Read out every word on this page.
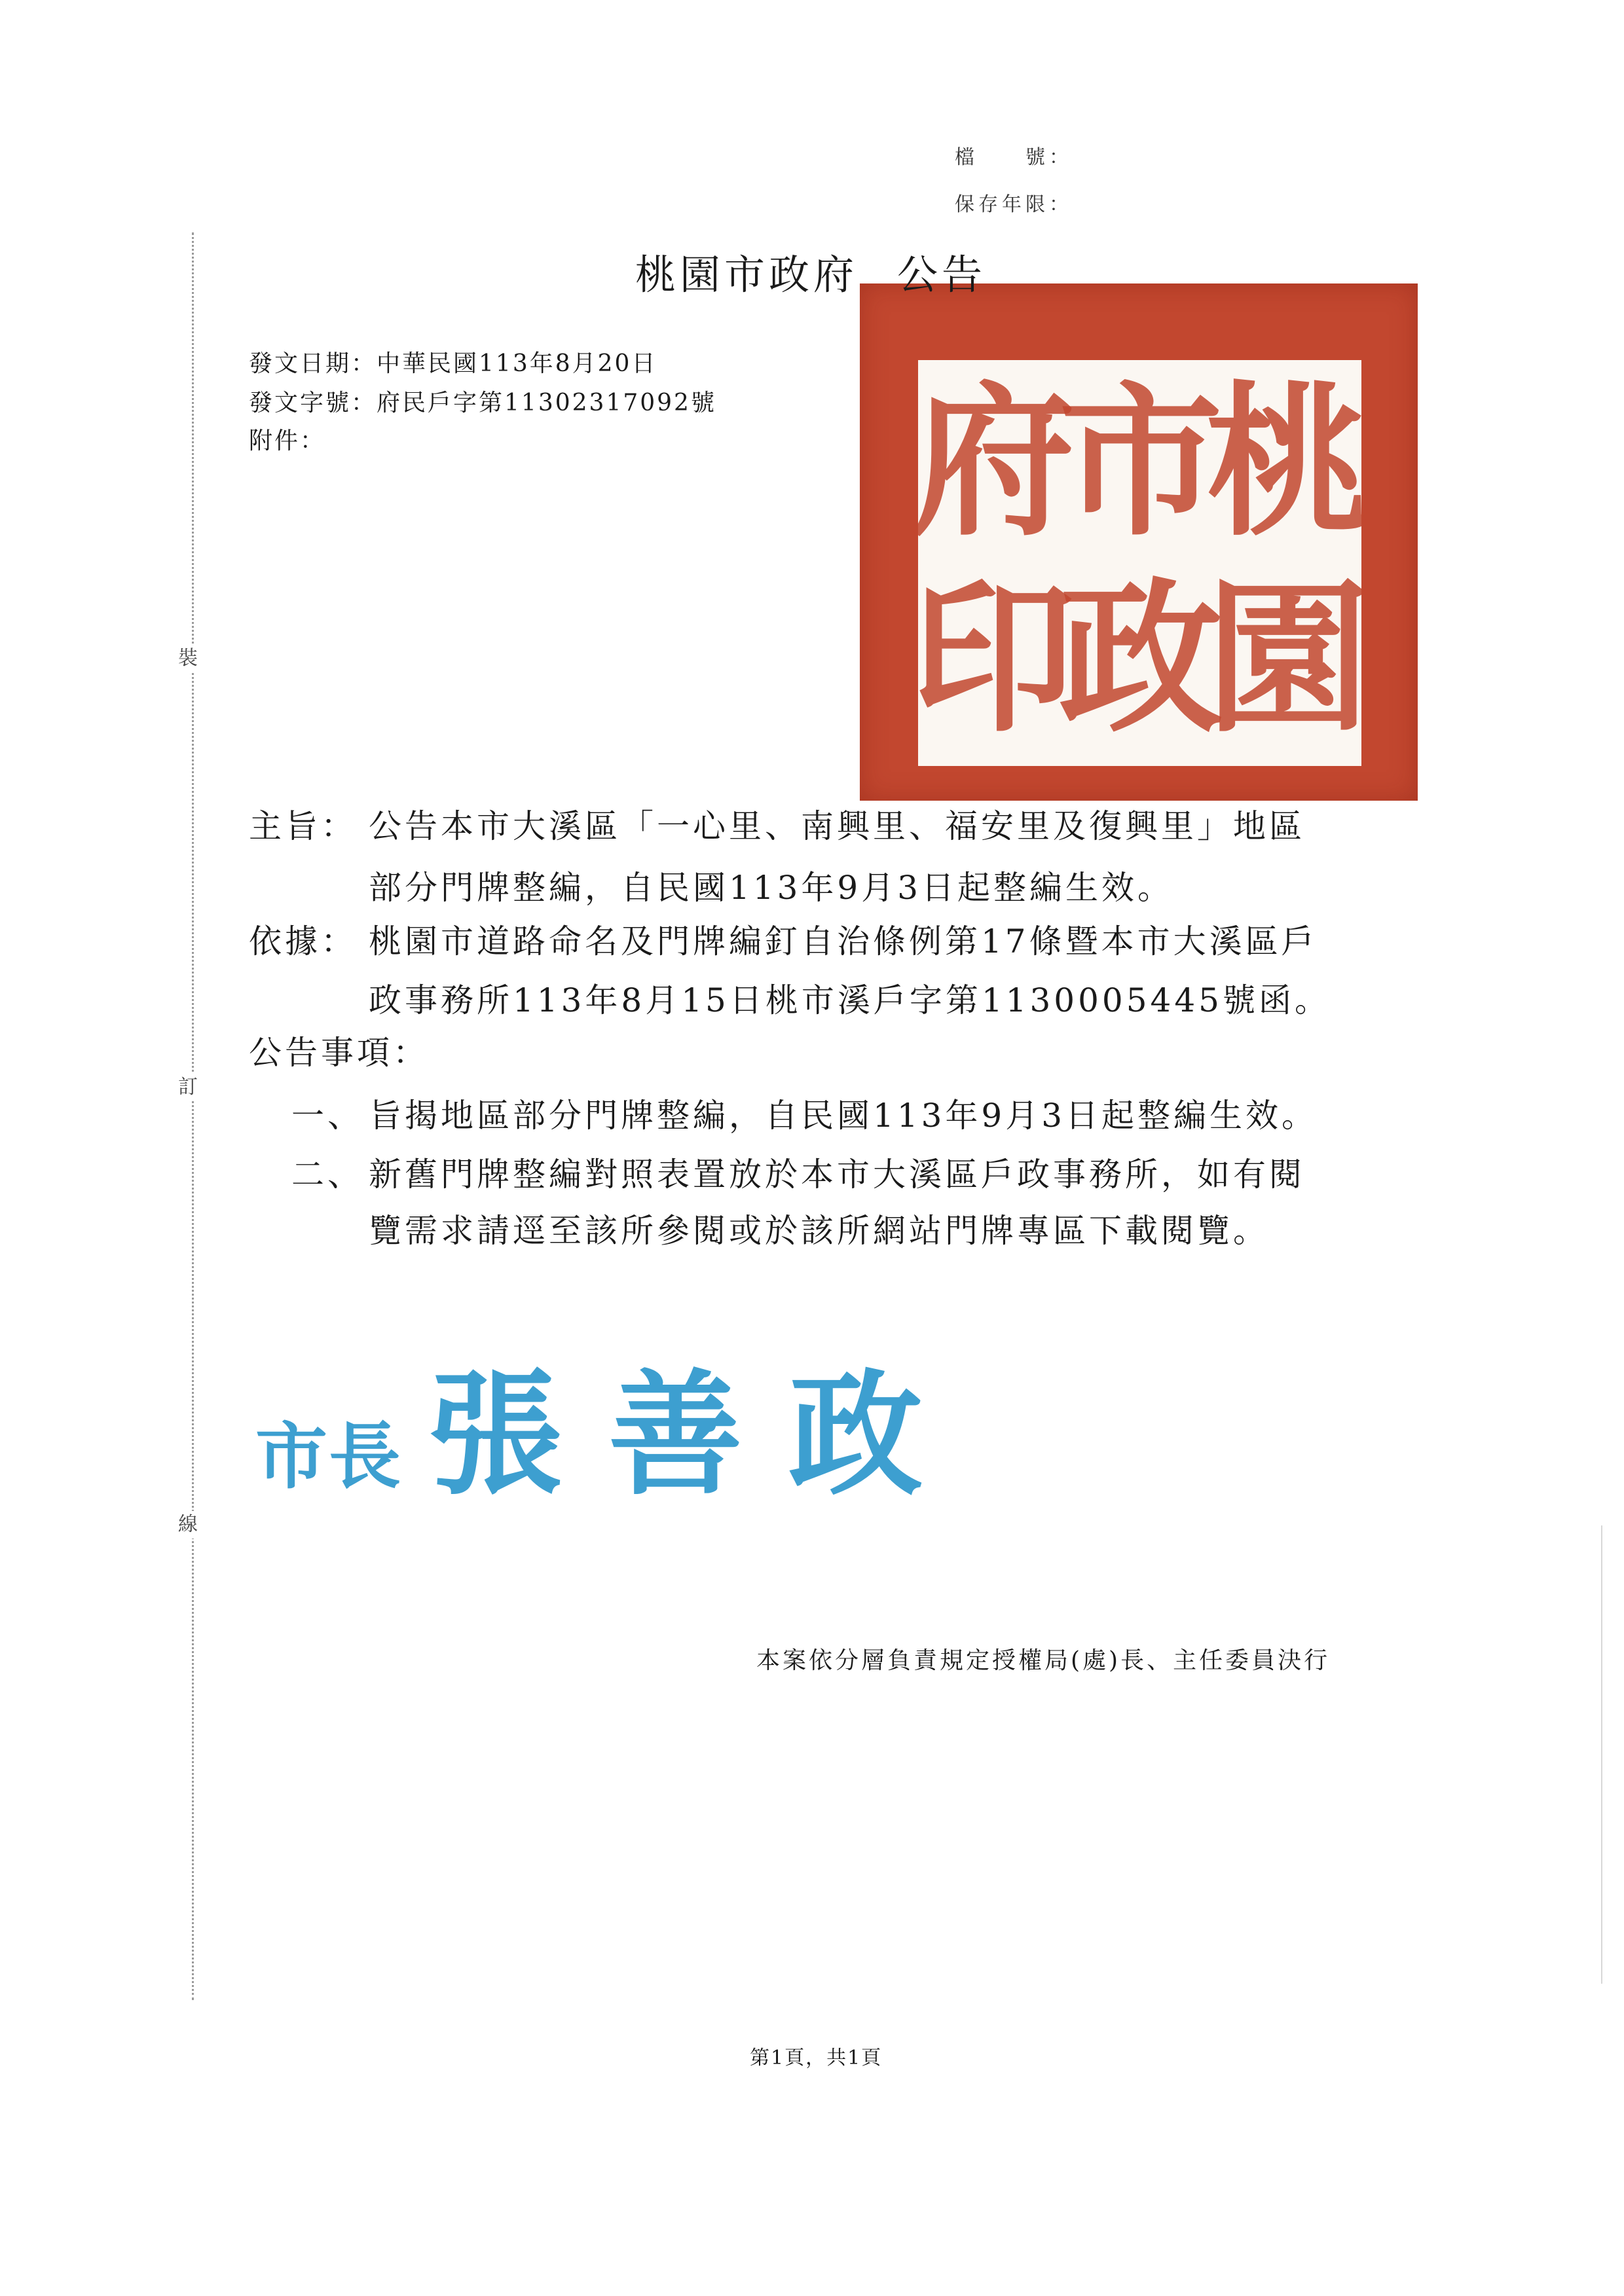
裝
訂
線
檔　　號：
保存年限：
桃
園
市
政
府
印
桃園市政府 公告
發文日期：中華民國113年8月20日
發文字號：府民戶字第11302317092號
附件：
主旨： 公告本市大溪區「一心里、南興里、福安里及復興里」地區
部分門牌整編，自民國113年9月3日起整編生效。
依據： 桃園市道路命名及門牌編釘自治條例第17條暨本市大溪區戶
政事務所113年8月15日桃市溪戶字第1130005445號函。
公告事項：
一、 旨揭地區部分門牌整編，自民國113年9月3日起整編生效。
二、 新舊門牌整編對照表置放於本市大溪區戶政事務所，如有閱
覽需求請逕至該所參閱或於該所網站門牌專區下載閱覽。
市長 張善政
本案依分層負責規定授權局(處)長、主任委員決行
第1頁，共1頁
